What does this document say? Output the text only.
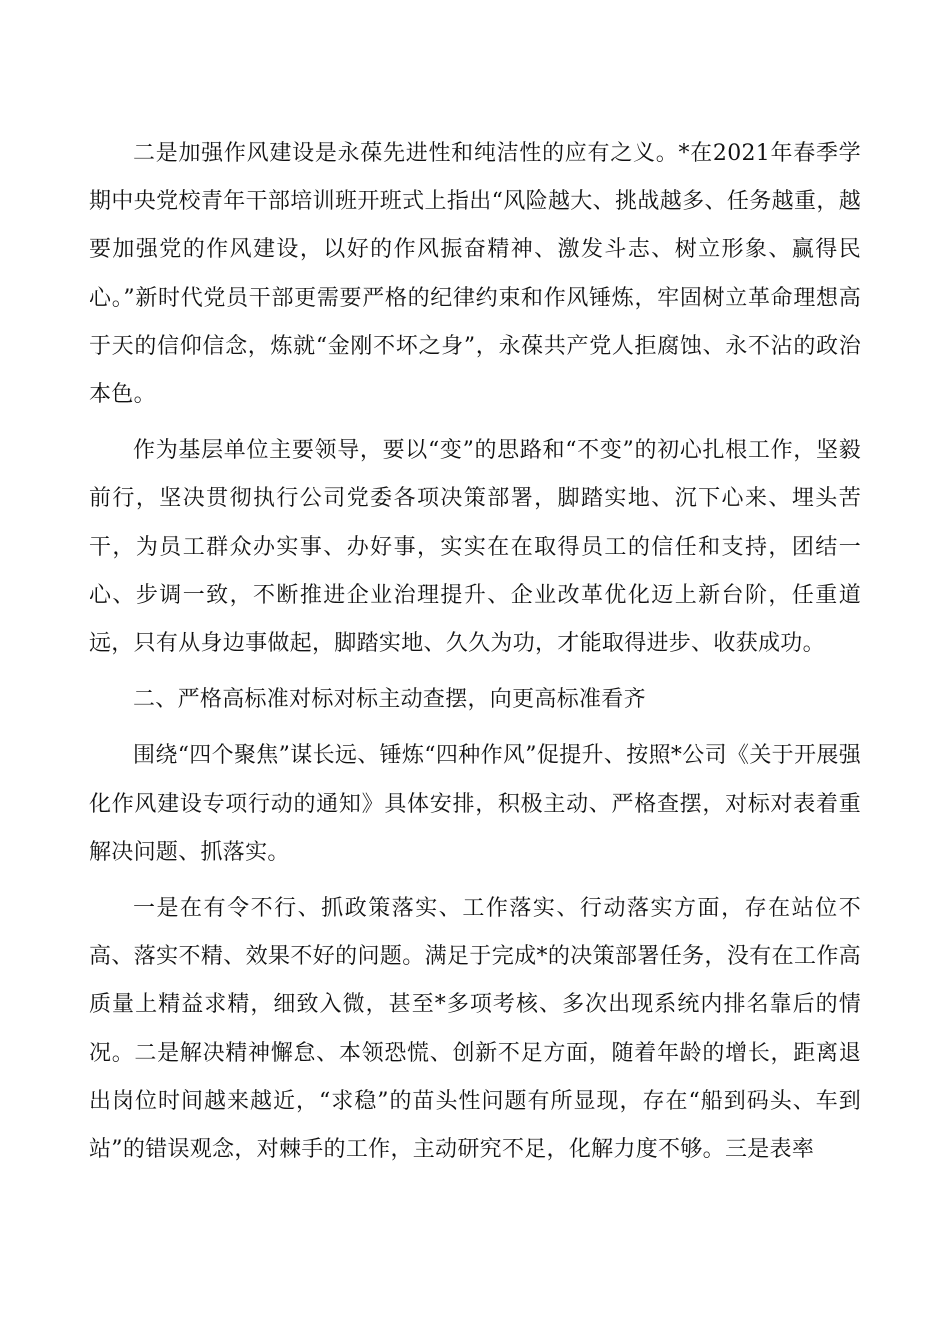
二是加强作风建设是永葆先进性和纯洁性的应有之义。*在2021年春季学期中央党校青年干部培训班开班式上指出“风险越大、挑战越多、任务越重，越要加强党的作风建设，以好的作风振奋精神、激发斗志、树立形象、赢得民心。”新时代党员干部更需要严格的纪律约束和作风锤炼，牢固树立革命理想高于天的信仰信念，炼就“金刚不坏之身”，永葆共产党人拒腐蚀、永不沾的政治本色。

作为基层单位主要领导，要以“变”的思路和“不变”的初心扎根工作，坚毅前行，坚决贯彻执行公司党委各项决策部署，脚踏实地、沉下心来、埋头苦干，为员工群众办实事、办好事，实实在在取得员工的信任和支持，团结一心、步调一致，不断推进企业治理提升、企业改革优化迈上新台阶，任重道远，只有从身边事做起，脚踏实地、久久为功，才能取得进步、收获成功。

二、严格高标准对标对标主动查摆，向更高标准看齐

围绕“四个聚焦”谋长远、锤炼“四种作风”促提升、按照*公司《关于开展强化作风建设专项行动的通知》具体安排，积极主动、严格查摆，对标对表着重解决问题、抓落实。

一是在有令不行、抓政策落实、工作落实、行动落实方面，存在站位不高、落实不精、效果不好的问题。满足于完成*的决策部署任务，没有在工作高质量上精益求精，细致入微，甚至*多项考核、多次出现系统内排名靠后的情况。二是解决精神懈怠、本领恐慌、创新不足方面，随着年龄的增长，距离退出岗位时间越来越近，“求稳”的苗头性问题有所显现，存在“船到码头、车到站”的错误观念，对棘手的工作，主动研究不足，化解力度不够。三是表率
